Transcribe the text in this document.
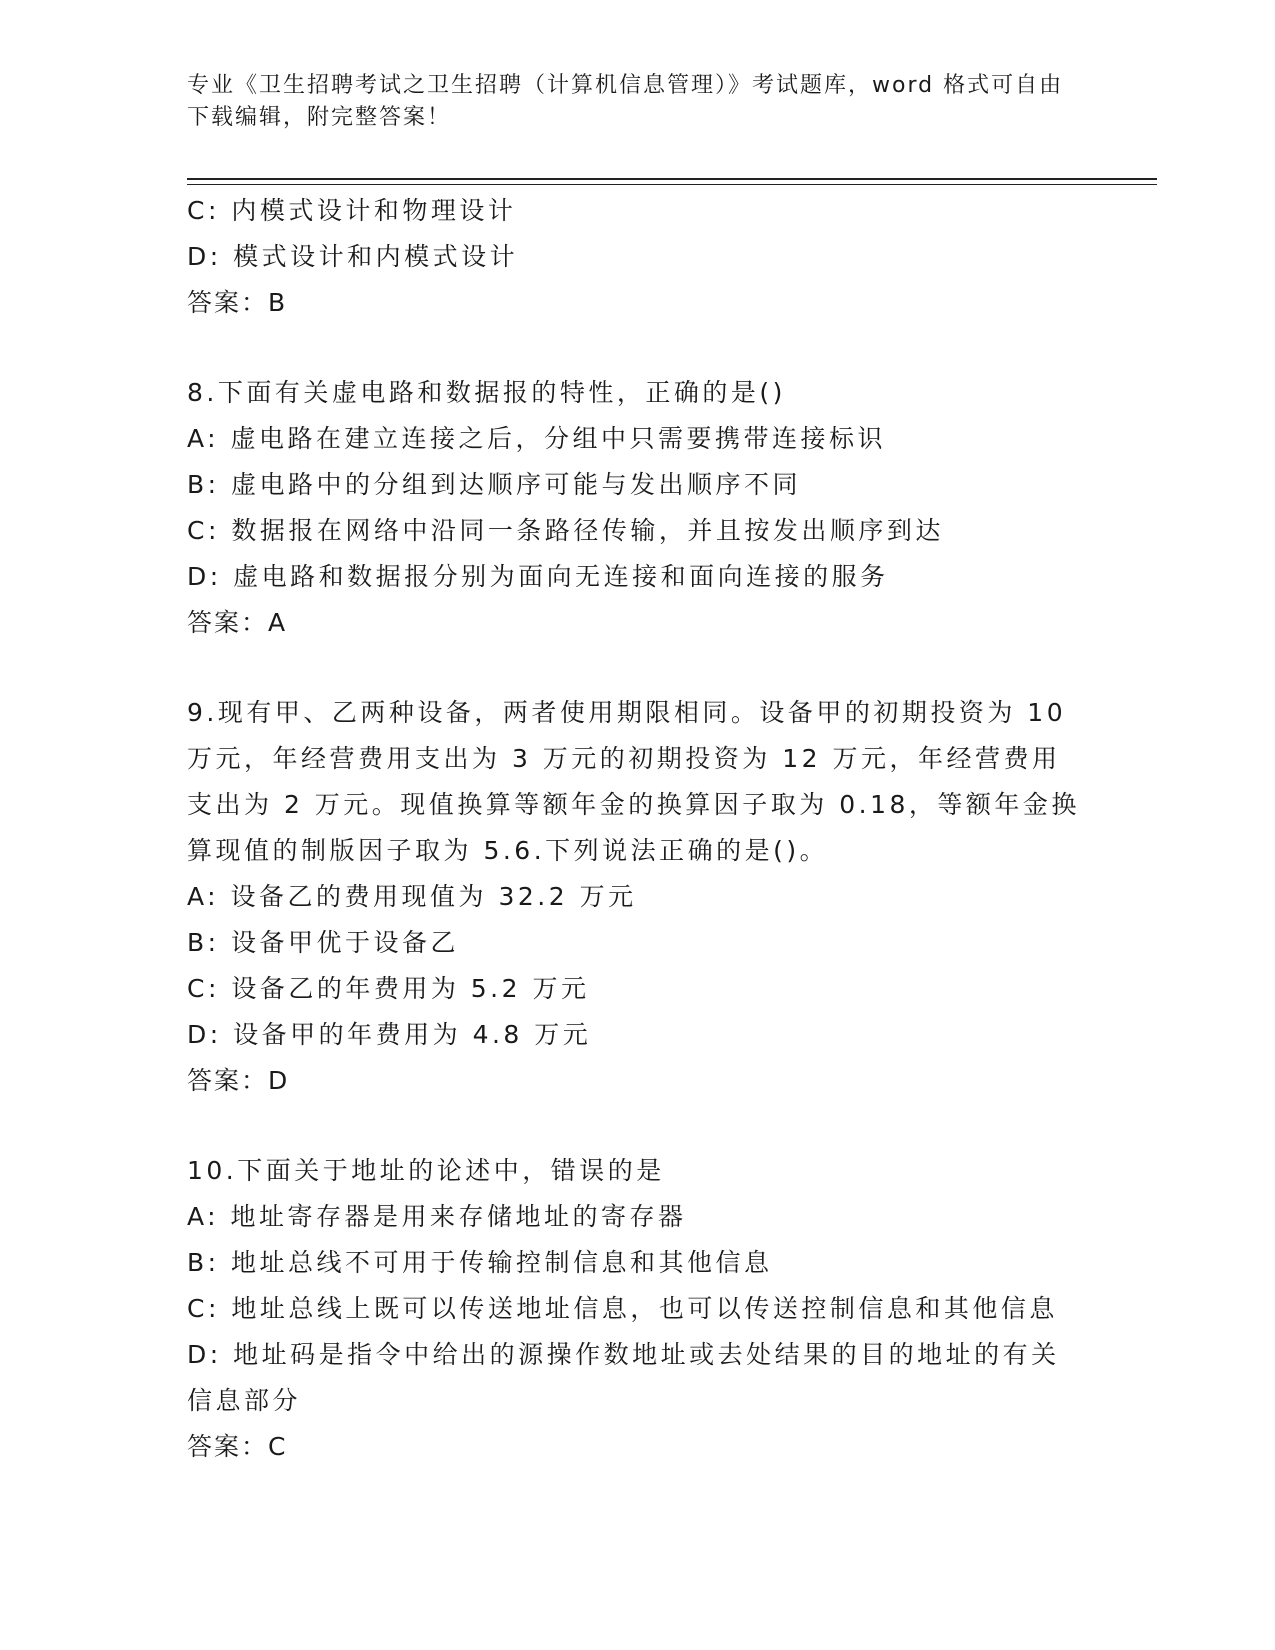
专业《卫生招聘考试之卫生招聘（计算机信息管理）》考试题库，word 格式可自由下载编辑，附完整答案！
C: 内模式设计和物理设计
D: 模式设计和内模式设计
答案：B
8.下面有关虚电路和数据报的特性，正确的是()
A: 虚电路在建立连接之后，分组中只需要携带连接标识
B: 虚电路中的分组到达顺序可能与发出顺序不同
C: 数据报在网络中沿同一条路径传输，并且按发出顺序到达
D: 虚电路和数据报分别为面向无连接和面向连接的服务
答案：A
9.现有甲、乙两种设备，两者使用期限相同。设备甲的初期投资为 10 万元，年经营费用支出为 3 万元的初期投资为 12 万元，年经营费用支出为 2 万元。现值换算等额年金的换算因子取为 0.18，等额年金换算现值的制版因子取为 5.6.下列说法正确的是()。
A: 设备乙的费用现值为 32.2 万元
B: 设备甲优于设备乙
C: 设备乙的年费用为 5.2 万元
D: 设备甲的年费用为 4.8 万元
答案：D
10.下面关于地址的论述中，错误的是
A: 地址寄存器是用来存储地址的寄存器
B: 地址总线不可用于传输控制信息和其他信息
C: 地址总线上既可以传送地址信息，也可以传送控制信息和其他信息
D: 地址码是指令中给出的源操作数地址或去处结果的目的地址的有关信息部分
答案：C
